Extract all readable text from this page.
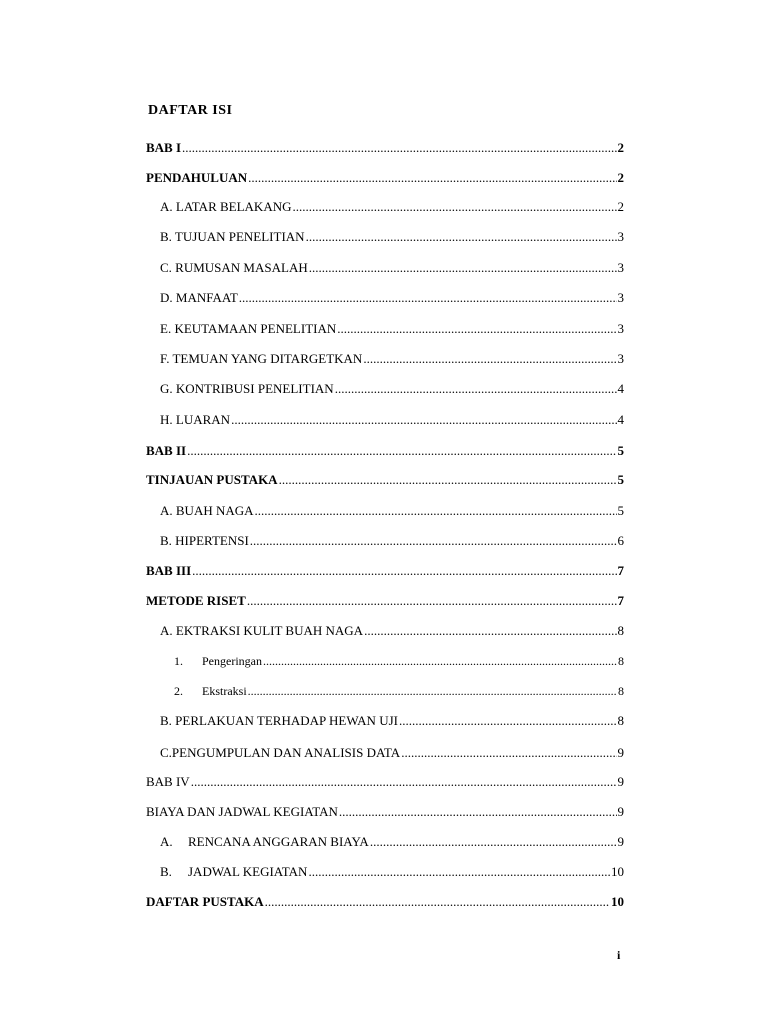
DAFTAR ISI
BAB I .....	2
PENDAHULUAN .....	2
A. LATAR BELAKANG .....	2
B. TUJUAN PENELITIAN .....	3
C. RUMUSAN MASALAH .....	3
D. MANFAAT .....	3
E. KEUTAMAAN PENELITIAN .....	3
F. TEMUAN YANG DITARGETKAN .....	3
G. KONTRIBUSI PENELITIAN .....	4
H. LUARAN .....	4
BAB II .....	5
TINJAUAN PUSTAKA .....	5
A. BUAH NAGA .....	5
B. HIPERTENSI .....	6
BAB III .....	7
METODE RISET .....	7
A. EKTRAKSI KULIT BUAH NAGA .....	8
1. Pengeringan .....	8
2. Ekstraksi .....	8
B. PERLAKUAN TERHADAP HEWAN UJI .....	8
C.PENGUMPULAN DAN ANALISIS DATA .....	9
BAB IV .....	9
BIAYA DAN JADWAL KEGIATAN .....	9
A. RENCANA ANGGARAN BIAYA .....	9
B. JADWAL KEGIATAN .....	10
DAFTAR PUSTAKA .....	10
i
